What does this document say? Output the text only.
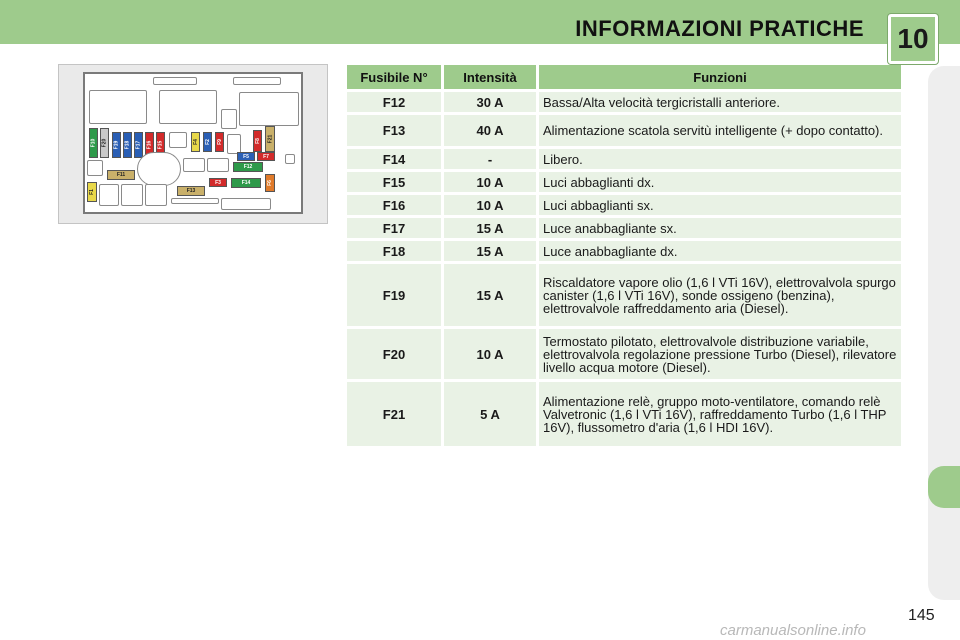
INFORMAZIONI PRATICHE	10
F10 F20 F19 F18 F17 F16 F15	F4 F2 F9	F8 F21
F5	F7
F12
F11
F3	F14	F6
F13
F1
Fusibile N°	Intensità	Funzioni
F12	30 A	Bassa/Alta velocità tergicristalli anteriore.
F13	40 A	Alimentazione scatola servitù intelligente (+ dopo contatto).
F14	-	Libero.
F15	10 A	Luci abbaglianti dx.
F16	10 A	Luci abbaglianti sx.
F17	15 A	Luce anabbagliante sx.
F18	15 A	Luce anabbagliante dx.
F19	15 A	Riscaldatore vapore olio (1,6 l VTi 16V), elettrovalvola spurgo canister (1,6 l VTi 16V), sonde ossigeno (benzina), elettrovalvole raffreddamento aria (Diesel).
F20	10 A	Termostato pilotato, elettrovalvole distribuzione variabile, elettrovalvola regolazione pressione Turbo (Diesel), rilevatore livello acqua motore (Diesel).
F21	5 A	Alimentazione relè, gruppo moto-ventilatore, comando relè Valvetronic (1,6 l VTi 16V), raffreddamento Turbo (1,6 l THP 16V), flussometro d'aria (1,6 l HDI 16V).
145
carmanualsonline.info
